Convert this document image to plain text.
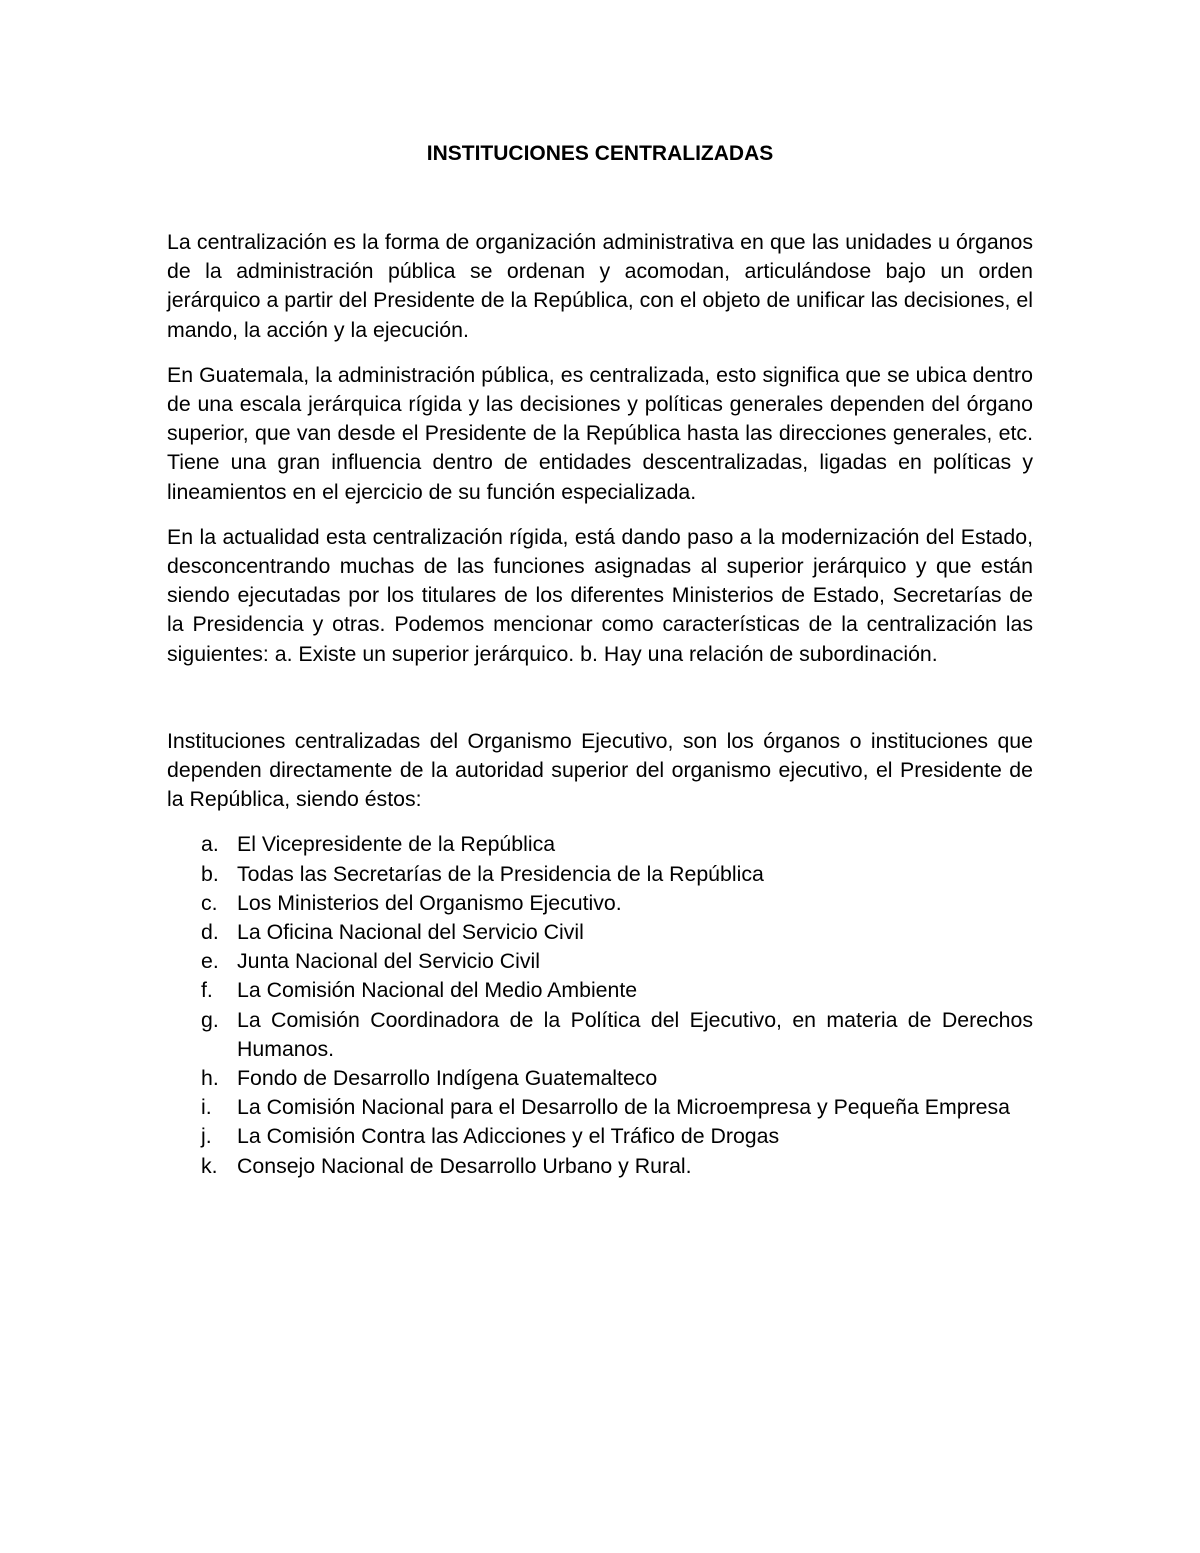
INSTITUCIONES CENTRALIZADAS

La centralización es la forma de organización administrativa en que las unidades u órganos de la administración pública se ordenan y acomodan, articulándose bajo un orden jerárquico a partir del Presidente de la República, con el objeto de unificar las decisiones, el mando, la acción y la ejecución.

En Guatemala, la administración pública, es centralizada, esto significa que se ubica dentro de una escala jerárquica rígida y las decisiones y políticas generales dependen del órgano superior, que van desde el Presidente de la República hasta las direcciones generales, etc. Tiene una gran influencia dentro de entidades descentralizadas, ligadas en políticas y lineamientos en el ejercicio de su función especializada.

En la actualidad esta centralización rígida, está dando paso a la modernización del Estado, desconcentrando muchas de las funciones asignadas al superior jerárquico y que están siendo ejecutadas por los titulares de los diferentes Ministerios de Estado, Secretarías de la Presidencia y otras. Podemos mencionar como características de la centralización las siguientes: a. Existe un superior jerárquico. b. Hay una relación de subordinación.

Instituciones centralizadas del Organismo Ejecutivo, son los órganos o instituciones que dependen directamente de la autoridad superior del organismo ejecutivo, el Presidente de la República, siendo éstos:

a. El Vicepresidente de la República
b. Todas las Secretarías de la Presidencia de la República
c. Los Ministerios del Organismo Ejecutivo.
d. La Oficina Nacional del Servicio Civil
e. Junta Nacional del Servicio Civil
f.	La Comisión Nacional del Medio Ambiente
g. La Comisión Coordinadora de la Política del Ejecutivo, en materia de Derechos Humanos.
h. Fondo de Desarrollo Indígena Guatemalteco
i.	La Comisión Nacional para el Desarrollo de la Microempresa y Pequeña Empresa
j.	La Comisión Contra las Adicciones y el Tráfico de Drogas
k. Consejo Nacional de Desarrollo Urbano y Rural.
